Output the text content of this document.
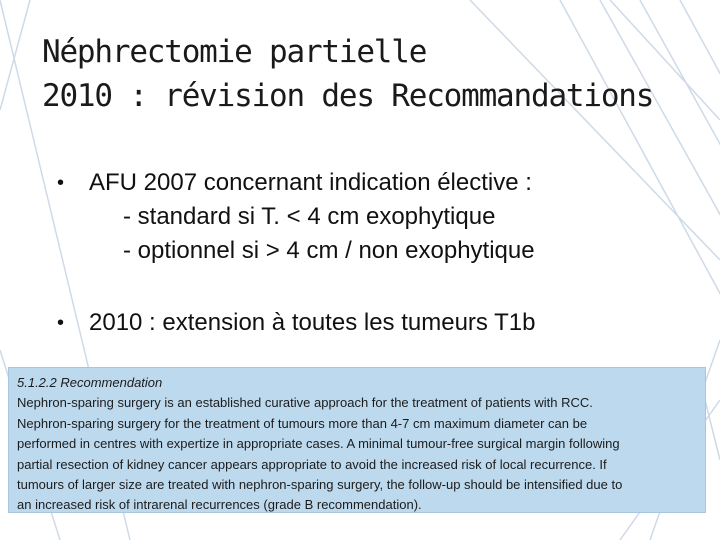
Néphrectomie partielle
2010 : révision des Recommandations
• AFU 2007 concernant indication élective :
- standard si T. < 4 cm exophytique
- optionnel si > 4 cm / non exophytique
• 2010 : extension à toutes les tumeurs T1b
5.1.2.2 Recommendation
Nephron-sparing surgery is an established curative approach for the treatment of patients with RCC.
Nephron-sparing surgery for the treatment of tumours more than 4-7 cm maximum diameter can be
performed in centres with expertize in appropriate cases. A minimal tumour-free surgical margin following
partial resection of kidney cancer appears appropriate to avoid the increased risk of local recurrence. If
tumours of larger size are treated with nephron-sparing surgery, the follow-up should be intensified due to
an increased risk of intrarenal recurrences (grade B recommendation).
